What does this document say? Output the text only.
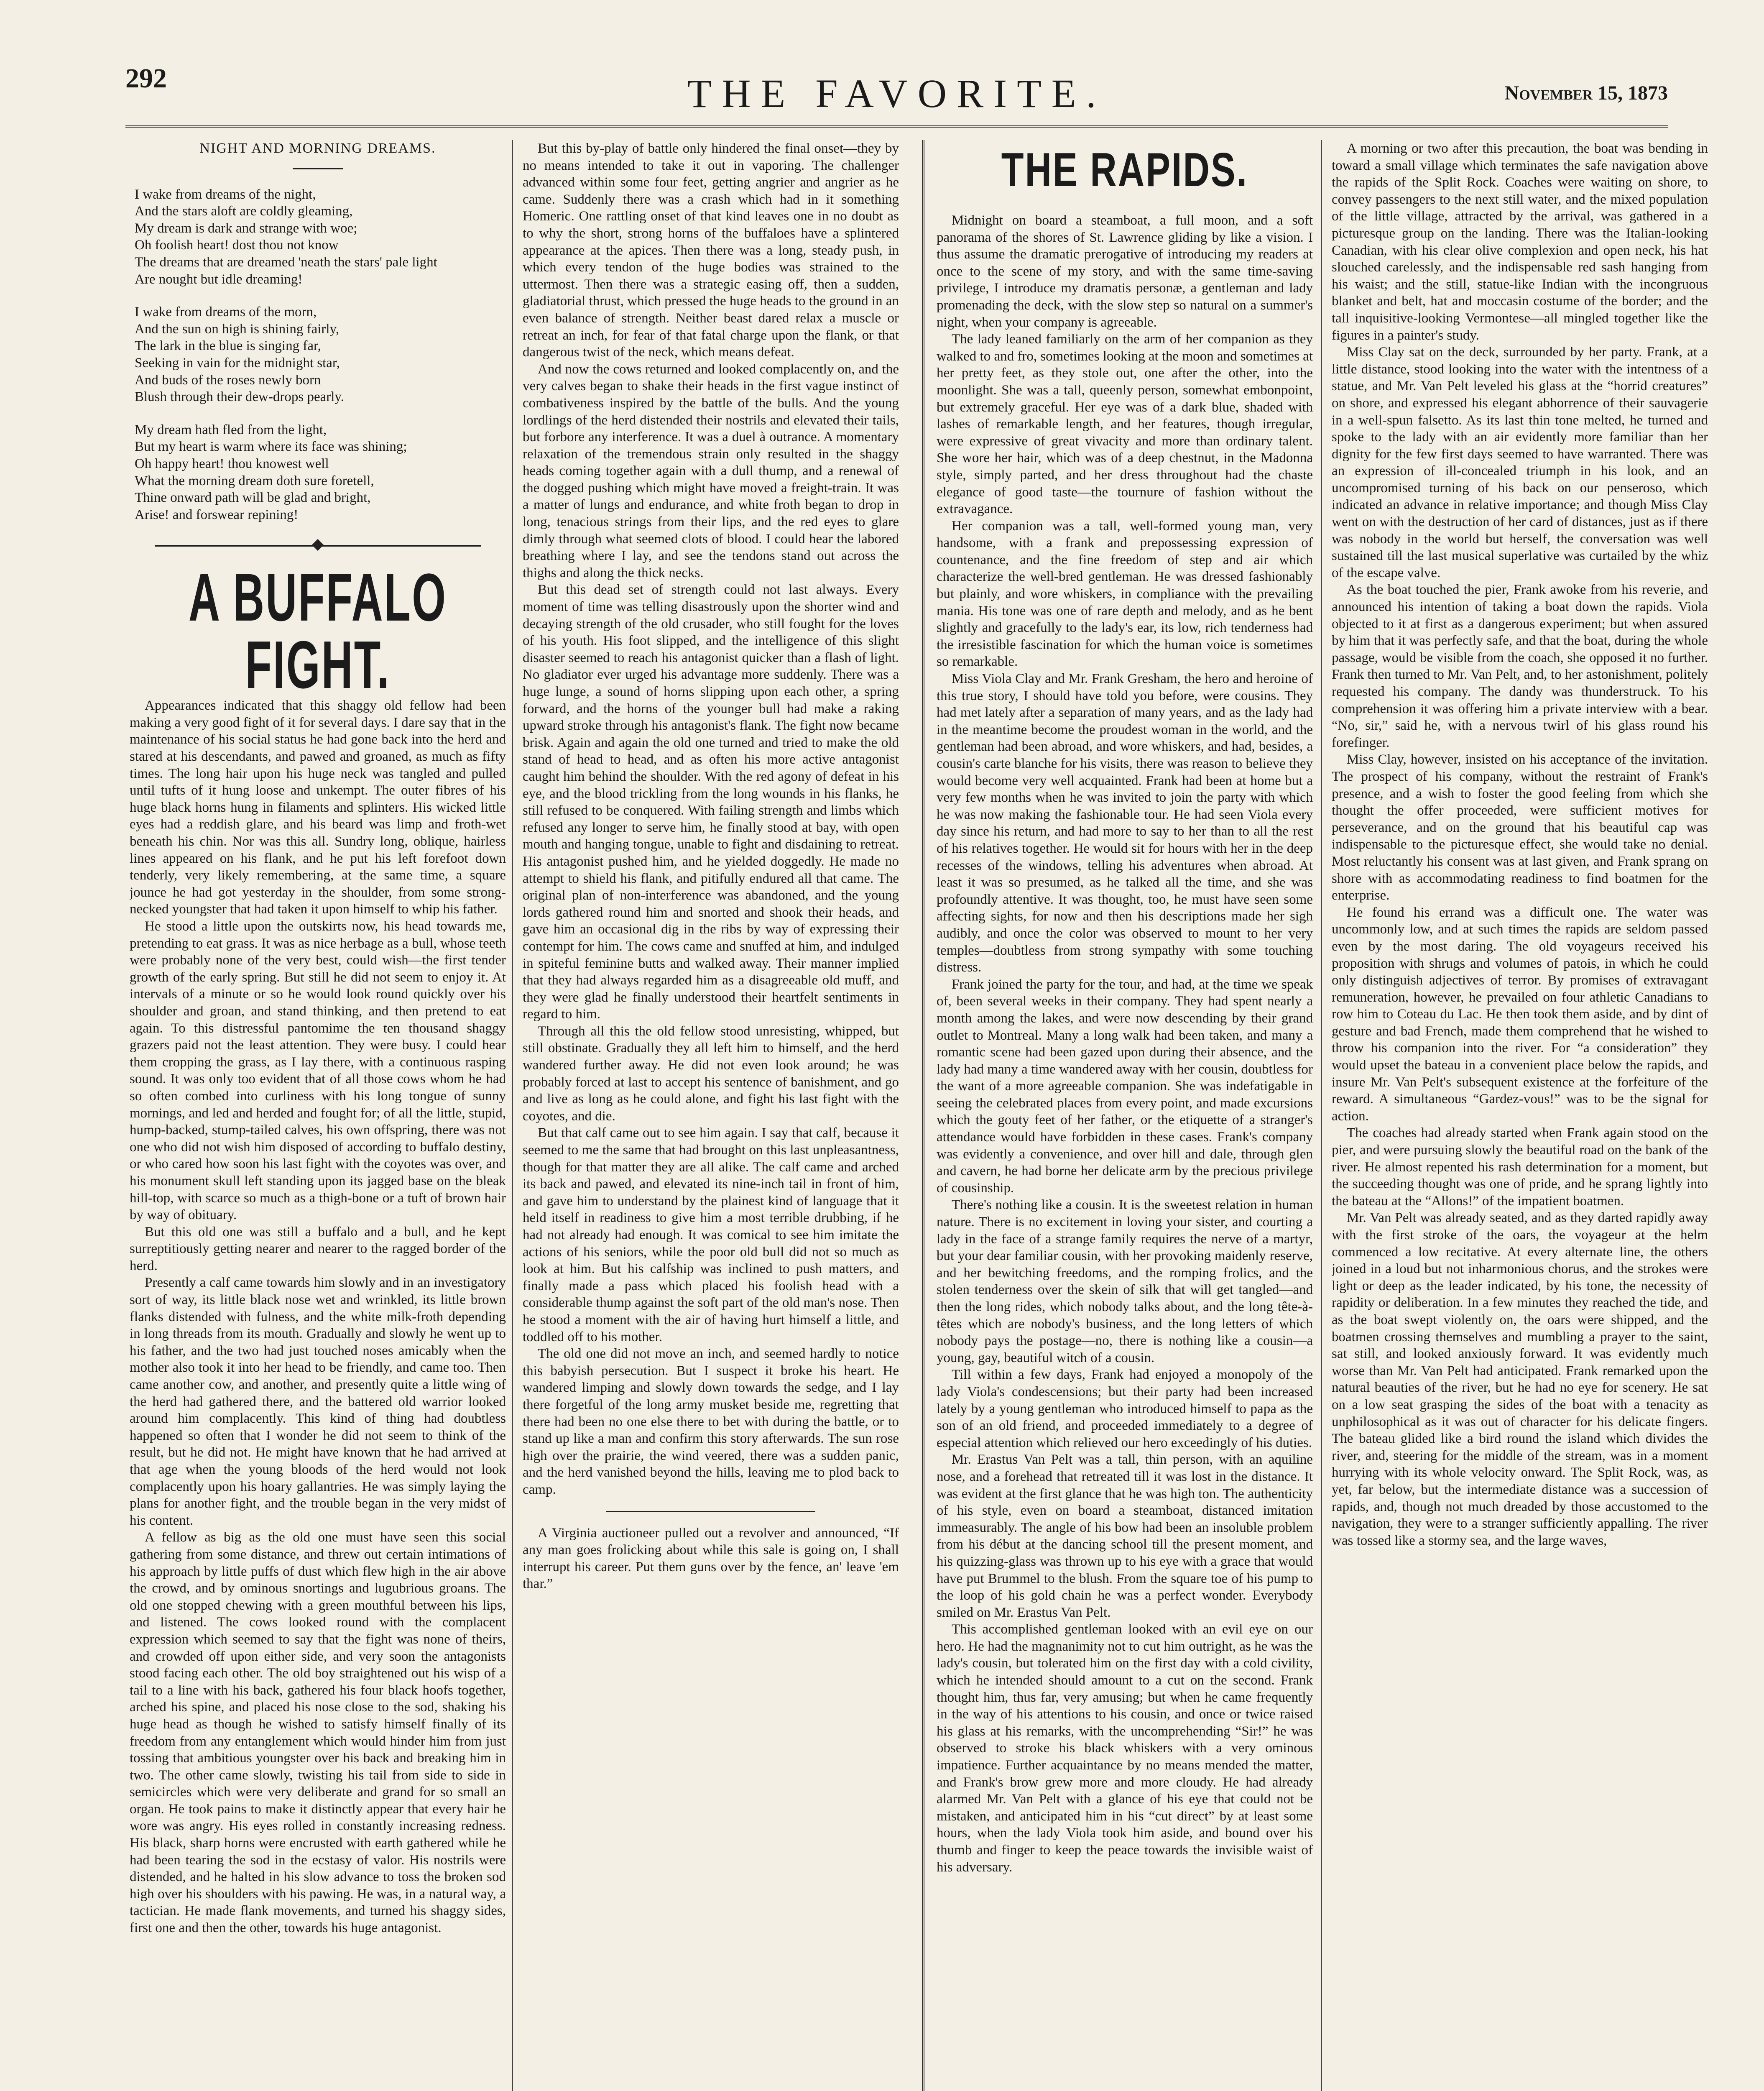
292	THE FAVORITE.	November 15, 1873
NIGHT AND MORNING DREAMS.
I wake from dreams of the night,
And the stars aloft are coldly gleaming,
My dream is dark and strange with woe;
Oh foolish heart! dost thou not know
The dreams that are dreamed 'neath the stars' pale light
Are nought but idle dreaming!
I wake from dreams of the morn,
And the sun on high is shining fairly,
The lark in the blue is singing far,
Seeking in vain for the midnight star,
And buds of the roses newly born
Blush through their dew-drops pearly.
My dream hath fled from the light,
But my heart is warm where its face was shining;
Oh happy heart! thou knowest well
What the morning dream doth sure foretell,
Thine onward path will be glad and bright,
Arise! and forswear repining!
A BUFFALO FIGHT.

Appearances indicated that this shaggy old fellow had been making a very good fight of it for several days. I dare say that in the maintenance of his social status he had gone back into the herd and stared at his descendants, and pawed and groaned, as much as fifty times. The long hair upon his huge neck was tangled and pulled until tufts of it hung loose and unkempt. The outer fibres of his huge black horns hung in filaments and splinters. His wicked little eyes had a reddish glare, and his beard was limp and froth-wet beneath his chin. Nor was this all. Sundry long, oblique, hairless lines appeared on his flank, and he put his left forefoot down tenderly, very likely remembering, at the same time, a square jounce he had got yesterday in the shoulder, from some strong-necked youngster that had taken it upon himself to whip his father.

He stood a little upon the outskirts now, his head towards me, pretending to eat grass. It was as nice herbage as a bull, whose teeth were probably none of the very best, could wish—the first tender growth of the early spring. But still he did not seem to enjoy it. At intervals of a minute or so he would look round quickly over his shoulder and groan, and stand thinking, and then pretend to eat again. To this distressful pantomime the ten thousand shaggy grazers paid not the least attention. They were busy. I could hear them cropping the grass, as I lay there, with a continuous rasping sound. It was only too evident that of all those cows whom he had so often combed into curliness with his long tongue of sunny mornings, and led and herded and fought for; of all the little, stupid, hump-backed, stump-tailed calves, his own offspring, there was not one who did not wish him disposed of according to buffalo destiny, or who cared how soon his last fight with the coyotes was over, and his monument skull left standing upon its jagged base on the bleak hill-top, with scarce so much as a thigh-bone or a tuft of brown hair by way of obituary.

But this old one was still a buffalo and a bull, and he kept surreptitiously getting nearer and nearer to the ragged border of the herd.

Presently a calf came towards him slowly and in an investigatory sort of way, its little black nose wet and wrinkled, its little brown flanks distended with fulness, and the white milk-froth depending in long threads from its mouth. Gradually and slowly he went up to his father, and the two had just touched noses amicably when the mother also took it into her head to be friendly, and came too. Then came another cow, and another, and presently quite a little wing of the herd had gathered there, and the battered old warrior looked around him complacently. This kind of thing had doubtless happened so often that I wonder he did not seem to think of the result, but he did not. He might have known that he had arrived at that age when the young bloods of the herd would not look complacently upon his hoary gallantries. He was simply laying the plans for another fight, and the trouble began in the very midst of his content.

A fellow as big as the old one must have seen this social gathering from some distance, and threw out certain intimations of his approach by little puffs of dust which flew high in the air above the crowd, and by ominous snortings and lugubrious groans. The old one stopped chewing with a green mouthful between his lips, and listened. The cows looked round with the complacent expression which seemed to say that the fight was none of theirs, and crowded off upon either side, and very soon the antagonists stood facing each other. The old boy straightened out his wisp of a tail to a line with his back, gathered his four black hoofs together, arched his spine, and placed his nose close to the sod, shaking his huge head as though he wished to satisfy himself finally of its freedom from any entanglement which would hinder him from just tossing that ambitious youngster over his back and breaking him in two. The other came slowly, twisting his tail from side to side in semicircles which were very deliberate and grand for so small an organ. He took pains to make it distinctly appear that every hair he wore was angry. His eyes rolled in constantly increasing redness. His black, sharp horns were encrusted with earth gathered while he had been tearing the sod in the ecstasy of valor. His nostrils were distended, and he halted in his slow advance to toss the broken sod high over his shoulders with his pawing. He was, in a natural way, a tactician. He made flank movements, and turned his shaggy sides, first one and then the other, towards his huge antagonist.

But this by-play of battle only hindered the final onset—they by no means intended to take it out in vaporing. The challenger advanced within some four feet, getting angrier and angrier as he came. Suddenly there was a crash which had in it something Homeric. One rattling onset of that kind leaves one in no doubt as to why the short, strong horns of the buffaloes have a splintered appearance at the apices. Then there was a long, steady push, in which every tendon of the huge bodies was strained to the uttermost. Then there was a strategic easing off, then a sudden, gladiatorial thrust, which pressed the huge heads to the ground in an even balance of strength. Neither beast dared relax a muscle or retreat an inch, for fear of that fatal charge upon the flank, or that dangerous twist of the neck, which means defeat.

And now the cows returned and looked complacently on, and the very calves began to shake their heads in the first vague instinct of combativeness inspired by the battle of the bulls. And the young lordlings of the herd distended their nostrils and elevated their tails, but forbore any interference. It was a duel à outrance. A momentary relaxation of the tremendous strain only resulted in the shaggy heads coming together again with a dull thump, and a renewal of the dogged pushing which might have moved a freight-train. It was a matter of lungs and endurance, and white froth began to drop in long, tenacious strings from their lips, and the red eyes to glare dimly through what seemed clots of blood. I could hear the labored breathing where I lay, and see the tendons stand out across the thighs and along the thick necks.

But this dead set of strength could not last always. Every moment of time was telling disastrously upon the shorter wind and decaying strength of the old crusader, who still fought for the loves of his youth. His foot slipped, and the intelligence of this slight disaster seemed to reach his antagonist quicker than a flash of light. No gladiator ever urged his advantage more suddenly. There was a huge lunge, a sound of horns slipping upon each other, a spring forward, and the horns of the younger bull had make a raking upward stroke through his antagonist's flank. The fight now became brisk. Again and again the old one turned and tried to make the old stand of head to head, and as often his more active antagonist caught him behind the shoulder. With the red agony of defeat in his eye, and the blood trickling from the long wounds in his flanks, he still refused to be conquered. With failing strength and limbs which refused any longer to serve him, he finally stood at bay, with open mouth and hanging tongue, unable to fight and disdaining to retreat. His antagonist pushed him, and he yielded doggedly. He made no attempt to shield his flank, and pitifully endured all that came. The original plan of non-interference was abandoned, and the young lords gathered round him and snorted and shook their heads, and gave him an occasional dig in the ribs by way of expressing their contempt for him. The cows came and snuffed at him, and indulged in spiteful feminine butts and walked away. Their manner implied that they had always regarded him as a disagreeable old muff, and they were glad he finally understood their heartfelt sentiments in regard to him.

Through all this the old fellow stood unresisting, whipped, but still obstinate. Gradually they all left him to himself, and the herd wandered further away. He did not even look around; he was probably forced at last to accept his sentence of banishment, and go and live as long as he could alone, and fight his last fight with the coyotes, and die.

But that calf came out to see him again. I say that calf, because it seemed to me the same that had brought on this last unpleasantness, though for that matter they are all alike. The calf came and arched its back and pawed, and elevated its nine-inch tail in front of him, and gave him to understand by the plainest kind of language that it held itself in readiness to give him a most terrible drubbing, if he had not already had enough. It was comical to see him imitate the actions of his seniors, while the poor old bull did not so much as look at him. But his calfship was inclined to push matters, and finally made a pass which placed his foolish head with a considerable thump against the soft part of the old man's nose. Then he stood a moment with the air of having hurt himself a little, and toddled off to his mother.

The old one did not move an inch, and seemed hardly to notice this babyish persecution. But I suspect it broke his heart. He wandered limping and slowly down towards the sedge, and I lay there forgetful of the long army musket beside me, regretting that there had been no one else there to bet with during the battle, or to stand up like a man and confirm this story afterwards. The sun rose high over the prairie, the wind veered, there was a sudden panic, and the herd vanished beyond the hills, leaving me to plod back to camp.

A Virginia auctioneer pulled out a revolver and announced, “If any man goes frolicking about while this sale is going on, I shall interrupt his career. Put them guns over by the fence, an' leave 'em thar.”

THE RAPIDS.

Midnight on board a steamboat, a full moon, and a soft panorama of the shores of St. Lawrence gliding by like a vision. I thus assume the dramatic prerogative of introducing my readers at once to the scene of my story, and with the same time-saving privilege, I introduce my dramatis personæ, a gentleman and lady promenading the deck, with the slow step so natural on a summer's night, when your company is agreeable.

The lady leaned familiarly on the arm of her companion as they walked to and fro, sometimes looking at the moon and sometimes at her pretty feet, as they stole out, one after the other, into the moonlight. She was a tall, queenly person, somewhat embonpoint, but extremely graceful. Her eye was of a dark blue, shaded with lashes of remarkable length, and her features, though irregular, were expressive of great vivacity and more than ordinary talent. She wore her hair, which was of a deep chestnut, in the Madonna style, simply parted, and her dress throughout had the chaste elegance of good taste—the tournure of fashion without the extravagance.

Her companion was a tall, well-formed young man, very handsome, with a frank and prepossessing expression of countenance, and the fine freedom of step and air which characterize the well-bred gentleman. He was dressed fashionably but plainly, and wore whiskers, in compliance with the prevailing mania. His tone was one of rare depth and melody, and as he bent slightly and gracefully to the lady's ear, its low, rich tenderness had the irresistible fascination for which the human voice is sometimes so remarkable.

Miss Viola Clay and Mr. Frank Gresham, the hero and heroine of this true story, I should have told you before, were cousins. They had met lately after a separation of many years, and as the lady had in the meantime become the proudest woman in the world, and the gentleman had been abroad, and wore whiskers, and had, besides, a cousin's carte blanche for his visits, there was reason to believe they would become very well acquainted. Frank had been at home but a very few months when he was invited to join the party with which he was now making the fashionable tour. He had seen Viola every day since his return, and had more to say to her than to all the rest of his relatives together. He would sit for hours with her in the deep recesses of the windows, telling his adventures when abroad. At least it was so presumed, as he talked all the time, and she was profoundly attentive. It was thought, too, he must have seen some affecting sights, for now and then his descriptions made her sigh audibly, and once the color was observed to mount to her very temples—doubtless from strong sympathy with some touching distress.

Frank joined the party for the tour, and had, at the time we speak of, been several weeks in their company. They had spent nearly a month among the lakes, and were now descending by their grand outlet to Montreal. Many a long walk had been taken, and many a romantic scene had been gazed upon during their absence, and the lady had many a time wandered away with her cousin, doubtless for the want of a more agreeable companion. She was indefatigable in seeing the celebrated places from every point, and made excursions which the gouty feet of her father, or the etiquette of a stranger's attendance would have forbidden in these cases. Frank's company was evidently a convenience, and over hill and dale, through glen and cavern, he had borne her delicate arm by the precious privilege of cousinship.

There's nothing like a cousin. It is the sweetest relation in human nature. There is no excitement in loving your sister, and courting a lady in the face of a strange family requires the nerve of a martyr, but your dear familiar cousin, with her provoking maidenly reserve, and her bewitching freedoms, and the romping frolics, and the stolen tenderness over the skein of silk that will get tangled—and then the long rides, which nobody talks about, and the long tête-à-têtes which are nobody's business, and the long letters of which nobody pays the postage—no, there is nothing like a cousin—a young, gay, beautiful witch of a cousin.

Till within a few days, Frank had enjoyed a monopoly of the lady Viola's condescensions; but their party had been increased lately by a young gentleman who introduced himself to papa as the son of an old friend, and proceeded immediately to a degree of especial attention which relieved our hero exceedingly of his duties.

Mr. Erastus Van Pelt was a tall, thin person, with an aquiline nose, and a forehead that retreated till it was lost in the distance. It was evident at the first glance that he was high ton. The authenticity of his style, even on board a steamboat, distanced imitation immeasurably. The angle of his bow had been an insoluble problem from his début at the dancing school till the present moment, and his quizzing-glass was thrown up to his eye with a grace that would have put Brummel to the blush. From the square toe of his pump to the loop of his gold chain he was a perfect wonder. Everybody smiled on Mr. Erastus Van Pelt.

This accomplished gentleman looked with an evil eye on our hero. He had the magnanimity not to cut him outright, as he was the lady's cousin, but tolerated him on the first day with a cold civility, which he intended should amount to a cut on the second. Frank thought him, thus far, very amusing; but when he came frequently in the way of his attentions to his cousin, and once or twice raised his glass at his remarks, with the uncomprehending “Sir!” he was observed to stroke his black whiskers with a very ominous impatience. Further acquaintance by no means mended the matter, and Frank's brow grew more and more cloudy. He had already alarmed Mr. Van Pelt with a glance of his eye that could not be mistaken, and anticipated him in his “cut direct” by at least some hours, when the lady Viola took him aside, and bound over his thumb and finger to keep the peace towards the invisible waist of his adversary.

A morning or two after this precaution, the boat was bending in toward a small village which terminates the safe navigation above the rapids of the Split Rock. Coaches were waiting on shore, to convey passengers to the next still water, and the mixed population of the little village, attracted by the arrival, was gathered in a picturesque group on the landing. There was the Italian-looking Canadian, with his clear olive complexion and open neck, his hat slouched carelessly, and the indispensable red sash hanging from his waist; and the still, statue-like Indian with the incongruous blanket and belt, hat and moccasin costume of the border; and the tall inquisitive-looking Vermontese—all mingled together like the figures in a painter's study.

Miss Clay sat on the deck, surrounded by her party. Frank, at a little distance, stood looking into the water with the intentness of a statue, and Mr. Van Pelt leveled his glass at the “horrid creatures” on shore, and expressed his elegant abhorrence of their sauvagerie in a well-spun falsetto. As its last thin tone melted, he turned and spoke to the lady with an air evidently more familiar than her dignity for the few first days seemed to have warranted. There was an expression of ill-concealed triumph in his look, and an uncompromised turning of his back on our penseroso, which indicated an advance in relative importance; and though Miss Clay went on with the destruction of her card of distances, just as if there was nobody in the world but herself, the conversation was well sustained till the last musical superlative was curtailed by the whiz of the escape valve.

As the boat touched the pier, Frank awoke from his reverie, and announced his intention of taking a boat down the rapids. Viola objected to it at first as a dangerous experiment; but when assured by him that it was perfectly safe, and that the boat, during the whole passage, would be visible from the coach, she opposed it no further. Frank then turned to Mr. Van Pelt, and, to her astonishment, politely requested his company. The dandy was thunderstruck. To his comprehension it was offering him a private interview with a bear. “No, sir,” said he, with a nervous twirl of his glass round his forefinger.

Miss Clay, however, insisted on his acceptance of the invitation. The prospect of his company, without the restraint of Frank's presence, and a wish to foster the good feeling from which she thought the offer proceeded, were sufficient motives for perseverance, and on the ground that his beautiful cap was indispensable to the picturesque effect, she would take no denial. Most reluctantly his consent was at last given, and Frank sprang on shore with as accommodating readiness to find boatmen for the enterprise.

He found his errand was a difficult one. The water was uncommonly low, and at such times the rapids are seldom passed even by the most daring. The old voyageurs received his proposition with shrugs and volumes of patois, in which he could only distinguish adjectives of terror. By promises of extravagant remuneration, however, he prevailed on four athletic Canadians to row him to Coteau du Lac. He then took them aside, and by dint of gesture and bad French, made them comprehend that he wished to throw his companion into the river. For “a consideration” they would upset the bateau in a convenient place below the rapids, and insure Mr. Van Pelt's subsequent existence at the forfeiture of the reward. A simultaneous “Gardez-vous!” was to be the signal for action.

The coaches had already started when Frank again stood on the pier, and were pursuing slowly the beautiful road on the bank of the river. He almost repented his rash determination for a moment, but the succeeding thought was one of pride, and he sprang lightly into the bateau at the “Allons!” of the impatient boatmen.

Mr. Van Pelt was already seated, and as they darted rapidly away with the first stroke of the oars, the voyageur at the helm commenced a low recitative. At every alternate line, the others joined in a loud but not inharmonious chorus, and the strokes were light or deep as the leader indicated, by his tone, the necessity of rapidity or deliberation. In a few minutes they reached the tide, and as the boat swept violently on, the oars were shipped, and the boatmen crossing themselves and mumbling a prayer to the saint, sat still, and looked anxiously forward. It was evidently much worse than Mr. Van Pelt had anticipated. Frank remarked upon the natural beauties of the river, but he had no eye for scenery. He sat on a low seat grasping the sides of the boat with a tenacity as unphilosophical as it was out of character for his delicate fingers. The bateau glided like a bird round the island which divides the river, and, steering for the middle of the stream, was in a moment hurrying with its whole velocity onward. The Split Rock, was, as yet, far below, but the intermediate distance was a succession of rapids, and, though not much dreaded by those accustomed to the navigation, they were to a stranger sufficiently appalling. The river was tossed like a stormy sea, and the large waves,
